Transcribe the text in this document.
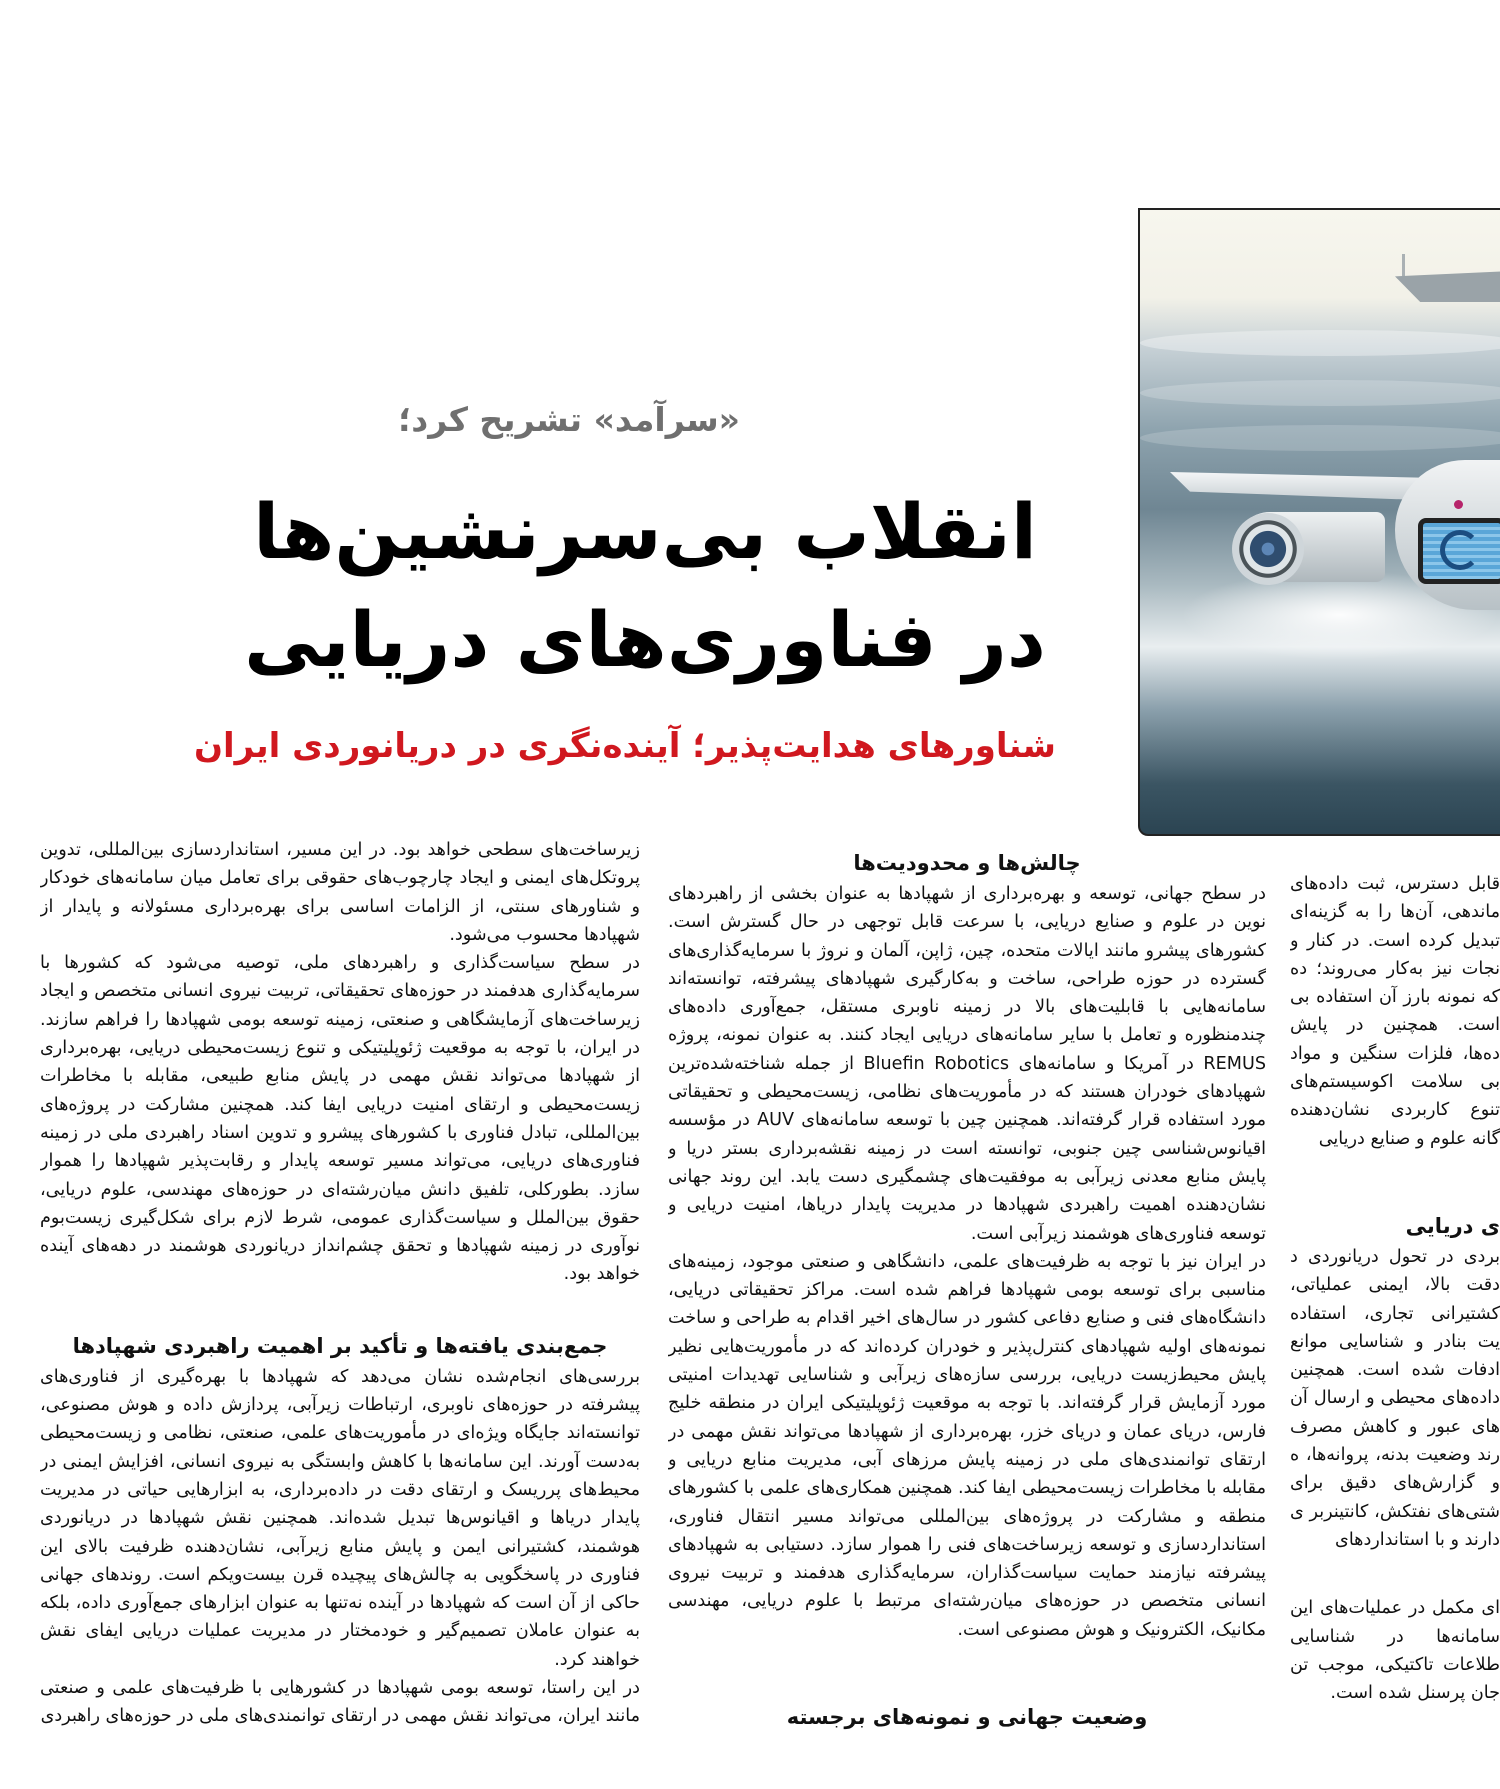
«سرآمد» تشریح کرد؛
انقلاب بی‌سرنشین‌ها
در فناوری‌های دریایی
شناورهای هدایت‌پذیر؛ آینده‌نگری در دریانوردی ایران

زیرساخت‌های سطحی خواهد بود. در این مسیر، استانداردسازی بین‌المللی، تدوین پروتکل‌های ایمنی و ایجاد چارچوب‌های حقوقی برای تعامل میان سامانه‌های خودکار و شناورهای سنتی، از الزامات اساسی برای بهره‌برداری مسئولانه و پایدار از شهپادها محسوب می‌شود.

در سطح سیاست‌گذاری و راهبردهای ملی، توصیه می‌شود که کشورها با سرمایه‌گذاری هدفمند در حوزه‌های تحقیقاتی، تربیت نیروی انسانی متخصص و ایجاد زیرساخت‌های آزمایشگاهی و صنعتی، زمینه توسعه بومی شهپادها را فراهم سازند. در ایران، با توجه به موقعیت ژئوپلیتیکی و تنوع زیست‌محیطی دریایی، بهره‌برداری از شهپادها می‌تواند نقش مهمی در پایش منابع طبیعی، مقابله با مخاطرات زیست‌محیطی و ارتقای امنیت دریایی ایفا کند. همچنین مشارکت در پروژه‌های بین‌المللی، تبادل فناوری با کشورهای پیشرو و تدوین اسناد راهبردی ملی در زمینه فناوری‌های دریایی، می‌تواند مسیر توسعه پایدار و رقابت‌پذیر شهپادها را هموار سازد. بطورکلی، تلفیق دانش میان‌رشته‌ای در حوزه‌های مهندسی، علوم دریایی، حقوق بین‌الملل و سیاست‌گذاری عمومی، شرط لازم برای شکل‌گیری زیست‌بوم نوآوری در زمینه شهپادها و تحقق چشم‌انداز دریانوردی هوشمند در دهه‌های آینده خواهد بود.

جمع‌بندی یافته‌ها و تأکید بر اهمیت راهبردی شهپادها

بررسی‌های انجام‌شده نشان می‌دهد که شهپادها با بهره‌گیری از فناوری‌های پیشرفته در حوزه‌های ناوبری، ارتباطات زیرآبی، پردازش داده و هوش مصنوعی، توانسته‌اند جایگاه ویژه‌ای در مأموریت‌های علمی، صنعتی، نظامی و زیست‌محیطی به‌دست آورند. این سامانه‌ها با کاهش وابستگی به نیروی انسانی، افزایش ایمنی در محیط‌های پرریسک و ارتقای دقت در داده‌برداری، به ابزارهایی حیاتی در مدیریت پایدار دریاها و اقیانوس‌ها تبدیل شده‌اند. همچنین نقش شهپادها در دریانوردی هوشمند، کشتیرانی ایمن و پایش منابع زیرآبی، نشان‌دهنده ظرفیت بالای این فناوری در پاسخگویی به چالش‌های پیچیده قرن بیست‌ویکم است. روندهای جهانی حاکی از آن است که شهپادها در آینده نه‌تنها به عنوان ابزارهای جمع‌آوری داده، بلکه به عنوان عاملان تصمیم‌گیر و خودمختار در مدیریت عملیات دریایی ایفای نقش خواهند کرد.

در این راستا، توسعه بومی شهپادها در کشورهایی با ظرفیت‌های علمی و صنعتی مانند ایران، می‌تواند نقش مهمی در ارتقای توانمندی‌های ملی در حوزه‌های راهبردی

چالش‌ها و محدودیت‌ها

در سطح جهانی، توسعه و بهره‌برداری از شهپادها به عنوان بخشی از راهبردهای نوین در علوم و صنایع دریایی، با سرعت قابل توجهی در حال گسترش است. کشورهای پیشرو مانند ایالات متحده، چین، ژاپن، آلمان و نروژ با سرمایه‌گذاری‌های گسترده در حوزه طراحی، ساخت و به‌کارگیری شهپادهای پیشرفته، توانسته‌اند سامانه‌هایی با قابلیت‌های بالا در زمینه ناوبری مستقل، جمع‌آوری داده‌های چندمنظوره و تعامل با سایر سامانه‌های دریایی ایجاد کنند. به عنوان نمونه، پروژه REMUS در آمریکا و سامانه‌های Bluefin Robotics از جمله شناخته‌شده‌ترین شهپادهای خودران هستند که در مأموریت‌های نظامی، زیست‌محیطی و تحقیقاتی مورد استفاده قرار گرفته‌اند. همچنین چین با توسعه سامانه‌های AUV در مؤسسه اقیانوس‌شناسی چین جنوبی، توانسته است در زمینه نقشه‌برداری بستر دریا و پایش منابع معدنی زیرآبی به موفقیت‌های چشمگیری دست یابد. این روند جهانی نشان‌دهنده اهمیت راهبردی شهپادها در مدیریت پایدار دریاها، امنیت دریایی و توسعه فناوری‌های هوشمند زیرآبی است.

در ایران نیز با توجه به ظرفیت‌های علمی، دانشگاهی و صنعتی موجود، زمینه‌های مناسبی برای توسعه بومی شهپادها فراهم شده است. مراکز تحقیقاتی دریایی، دانشگاه‌های فنی و صنایع دفاعی کشور در سال‌های اخیر اقدام به طراحی و ساخت نمونه‌های اولیه شهپادهای کنترل‌پذیر و خودران کرده‌اند که در مأموریت‌هایی نظیر پایش محیط‌زیست دریایی، بررسی سازه‌های زیرآبی و شناسایی تهدیدات امنیتی مورد آزمایش قرار گرفته‌اند. با توجه به موقعیت ژئوپلیتیکی ایران در منطقه خلیج فارس، دریای عمان و دریای خزر، بهره‌برداری از شهپادها می‌تواند نقش مهمی در ارتقای توانمندی‌های ملی در زمینه پایش مرزهای آبی، مدیریت منابع دریایی و مقابله با مخاطرات زیست‌محیطی ایفا کند. همچنین همکاری‌های علمی با کشورهای منطقه و مشارکت در پروژه‌های بین‌المللی می‌تواند مسیر انتقال فناوری، استانداردسازی و توسعه زیرساخت‌های فنی را هموار سازد. دستیابی به شهپادهای پیشرفته نیازمند حمایت سیاست‌گذاران، سرمایه‌گذاری هدفمند و تربیت نیروی انسانی متخصص در حوزه‌های میان‌رشته‌ای مرتبط با علوم دریایی، مهندسی مکانیک، الکترونیک و هوش مصنوعی است.

وضعیت جهانی و نمونه‌های برجسته

قابل دسترس، ثبت داده‌های ماندهی، آن‌ها را به گزینه‌ای تبدیل کرده است. در کنار و نجات نیز به‌کار می‌روند؛ ده که نمونه بارز آن استفاده بی است. همچنین در پایش ده‌ها، فلزات سنگین و مواد بی سلامت اکوسیستم‌های تنوع کاربردی نشان‌دهنده گانه علوم و صنایع دریایی

ی دریایی

بردی در تحول دریانوردی د دقت بالا، ایمنی عملیاتی، کشتیرانی تجاری، استفاده یت بنادر و شناسایی موانع ادفات شده است. همچنین داده‌های محیطی و ارسال آن های عبور و کاهش مصرف رند وضعیت بدنه، پروانه‌ها، ه و گزارش‌های دقیق برای شتی‌های نفتکش، کانتینربر ی دارند و با استانداردهای

ای مکمل در عملیات‌های این سامانه‌ها در شناسایی طلاعات تاکتیکی، موجب تن جان پرسنل شده است.
